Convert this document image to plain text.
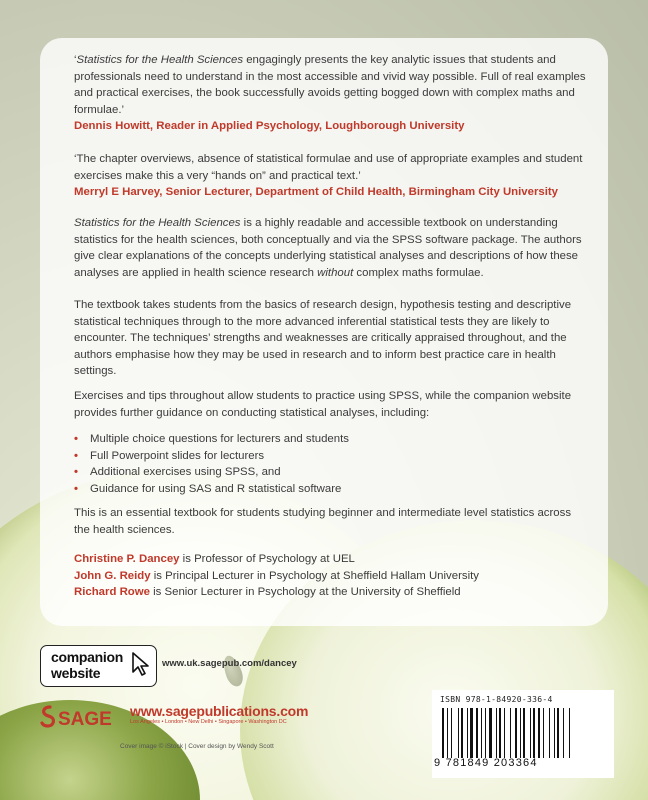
‘Statistics for the Health Sciences engagingly presents the key analytic issues that students and professionals need to understand in the most accessible and vivid way possible. Full of real examples and practical exercises, the book successfully avoids getting bogged down with complex maths and formulae.’
Dennis Howitt, Reader in Applied Psychology, Loughborough University

‘The chapter overviews, absence of statistical formulae and use of appropriate examples and student exercises make this a very “hands on” and practical text.’
Merryl E Harvey, Senior Lecturer, Department of Child Health, Birmingham City University

Statistics for the Health Sciences is a highly readable and accessible textbook on understanding statistics for the health sciences, both conceptually and via the SPSS software package. The authors give clear explanations of the concepts underlying statistical analyses and descriptions of how these analyses are applied in health science research without complex maths formulae.

The textbook takes students from the basics of research design, hypothesis testing and descriptive statistical techniques through to the more advanced inferential statistical tests they are likely to encounter. The techniques’ strengths and weaknesses are critically appraised throughout, and the authors emphasise how they may be used in research and to inform best practice care in health settings.

Exercises and tips throughout allow students to practice using SPSS, while the companion website provides further guidance on conducting statistical analyses, including:

• Multiple choice questions for lecturers and students
• Full Powerpoint slides for lecturers
• Additional exercises using SPSS, and
• Guidance for using SAS and R statistical software

This is an essential textbook for students studying beginner and intermediate level statistics across the health sciences.

Christine P. Dancey is Professor of Psychology at UEL
John G. Reidy is Principal Lecturer in Psychology at Sheffield Hallam University
Richard Rowe is Senior Lecturer in Psychology at the University of Sheffield

companion
website
www.uk.sagepub.com/dancey
SAGE www.sagepublications.com
Los Angeles • London • New Delhi • Singapore • Washington DC
Cover image © iStock | Cover design by Wendy Scott
ISBN 978-1-84920-336-4
9 781849 203364
